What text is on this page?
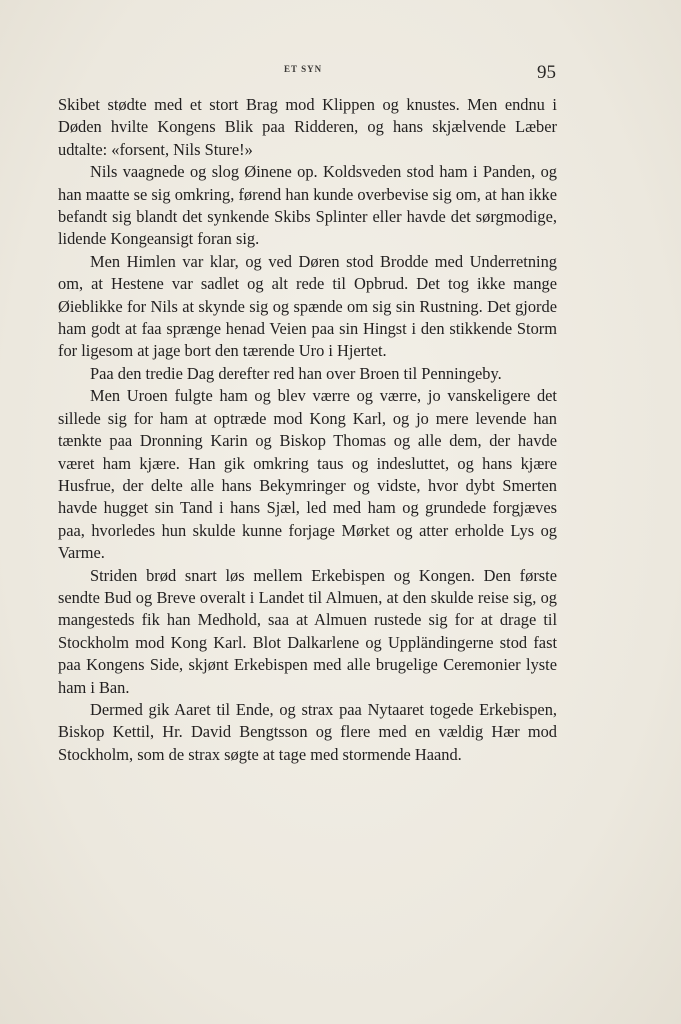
ET SYN	95

Skibet stødte med et stort Brag mod Klippen og knustes. Men endnu i Døden hvilte Kongens Blik paa Ridderen, og hans skjælvende Læber udtalte: «forsent, Nils Sture!»

Nils vaagnede og slog Øinene op. Koldsveden stod ham i Panden, og han maatte se sig omkring, førend han kunde overbevise sig om, at han ikke befandt sig blandt det synkende Skibs Splinter eller havde det sørgmodige, lidende Kongeansigt foran sig.

Men Himlen var klar, og ved Døren stod Brodde med Underretning om, at Hestene var sadlet og alt rede til Opbrud. Det tog ikke mange Øieblikke for Nils at skynde sig og spænde om sig sin Rustning. Det gjorde ham godt at faa sprænge henad Veien paa sin Hingst i den stikkende Storm for ligesom at jage bort den tærende Uro i Hjertet.

Paa den tredie Dag derefter red han over Broen til Penningeby.

Men Uroen fulgte ham og blev værre og værre, jo vanskeligere det sillede sig for ham at optræde mod Kong Karl, og jo mere levende han tænkte paa Dronning Karin og Biskop Thomas og alle dem, der havde været ham kjære. Han gik omkring taus og indesluttet, og hans kjære Husfrue, der delte alle hans Bekymringer og vidste, hvor dybt Smerten havde hugget sin Tand i hans Sjæl, led med ham og grundede forgjæves paa, hvorledes hun skulde kunne forjage Mørket og atter erholde Lys og Varme.

Striden brød snart løs mellem Erkebispen og Kongen. Den første sendte Bud og Breve overalt i Landet til Almuen, at den skulde reise sig, og mangesteds fik han Medhold, saa at Almuen rustede sig for at drage til Stockholm mod Kong Karl. Blot Dalkarlene og Uppländingerne stod fast paa Kongens Side, skjønt Erkebispen med alle brugelige Ceremonier lyste ham i Ban.

Dermed gik Aaret til Ende, og strax paa Nytaaret togede Erkebispen, Biskop Kettil, Hr. David Bengtsson og flere med en vældig Hær mod Stockholm, som de strax søgte at tage med stormende Haand.
